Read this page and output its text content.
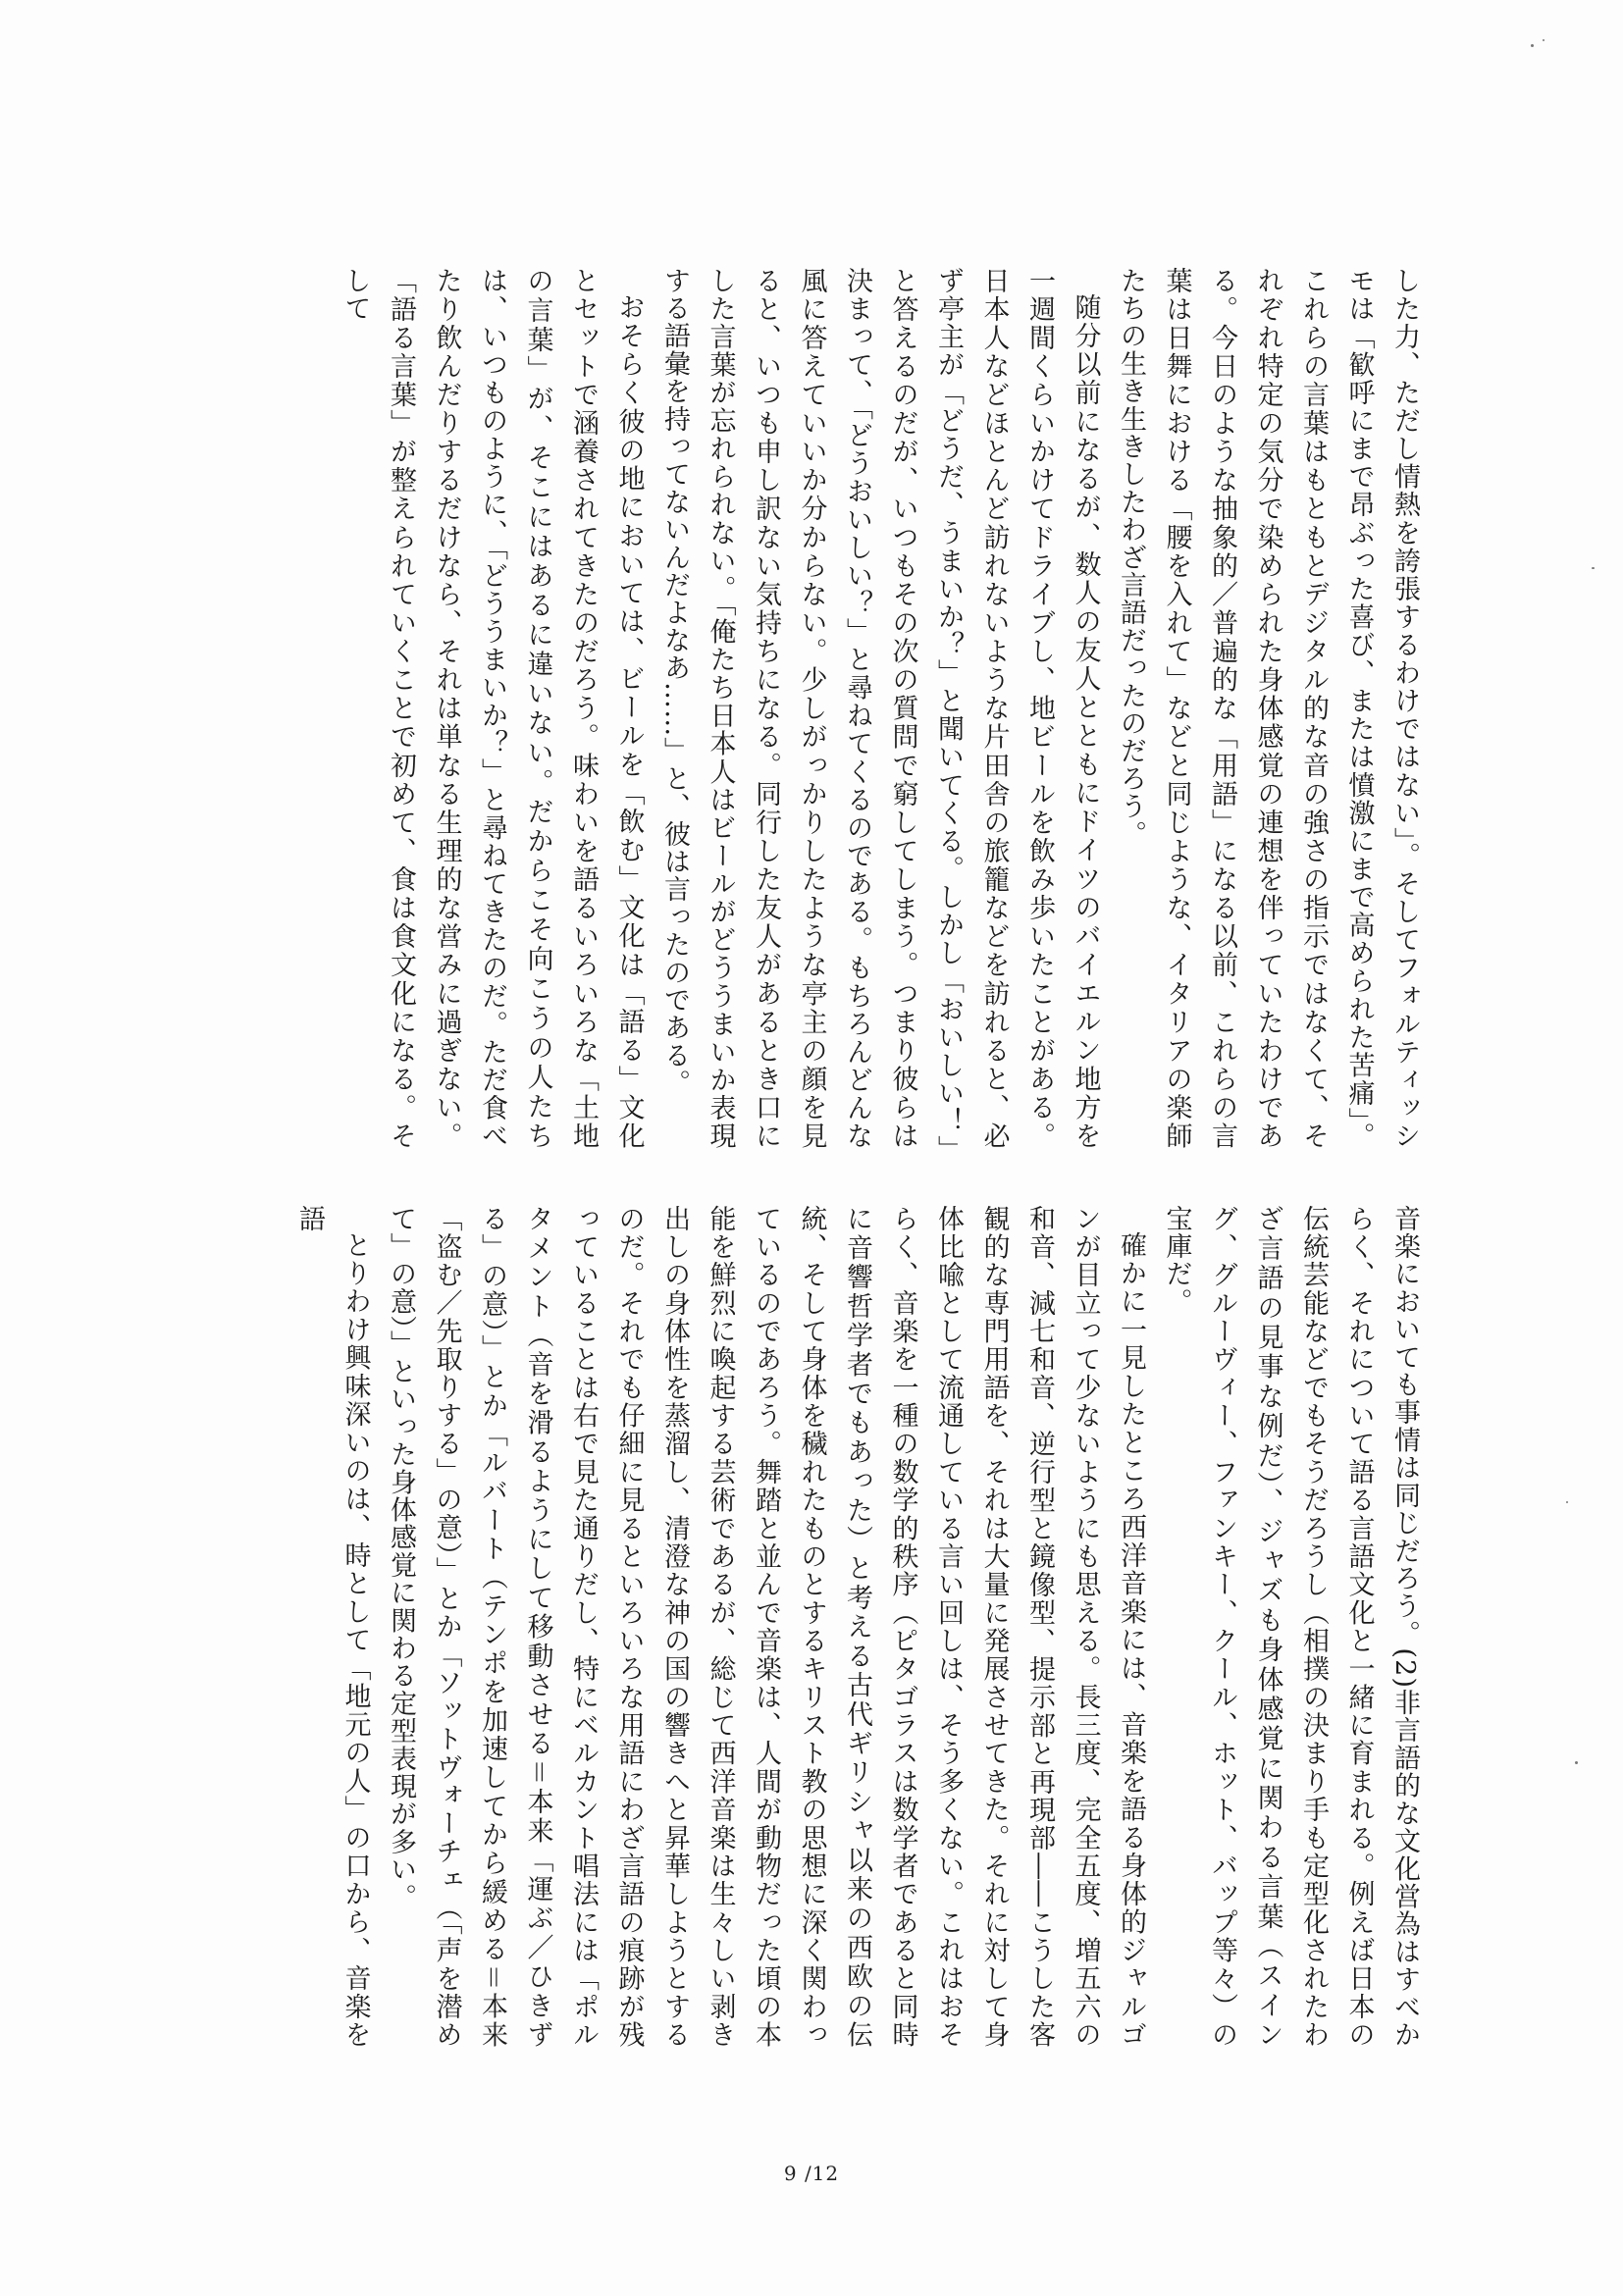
した力、ただし情熱を誇張するわけではない」。そしてフォルティッシモは「歓呼にまで昂ぶった喜び、または憤激にまで高められた苦痛」。これらの言葉はもともとデジタル的な音の強さの指示ではなくて、それぞれ特定の気分で染められた身体感覚の連想を伴っていたわけである。今日のような抽象的／普遍的な「用語」になる以前、これらの言葉は日舞における「腰を入れて」などと同じような、イタリアの楽師たちの生き生きしたわざ言語だったのだろう。

随分以前になるが、数人の友人とともにドイツのバイエルン地方を一週間くらいかけてドライブし、地ビールを飲み歩いたことがある。日本人などほとんど訪れないような片田舎の旅籠などを訪れると、必ず亭主が「どうだ、うまいか？」と聞いてくる。しかし「おいしい！」と答えるのだが、いつもその次の質問で窮してしまう。つまり彼らは決まって、「どうおいしい？」と尋ねてくるのである。もちろんどんな風に答えていいか分からない。少しがっかりしたような亭主の顔を見ると、いつも申し訳ない気持ちになる。同行した友人があるとき口にした言葉が忘れられない。「俺たち日本人はビールがどううまいか表現する語彙を持ってないんだよなあ……」と、彼は言ったのである。

おそらく彼の地においては、ビールを「飲む」文化は「語る」文化とセットで涵養されてきたのだろう。味わいを語るいろいろな「土地の言葉」が、そこにはあるに違いない。だからこそ向こうの人たちは、いつものように、「どううまいか？」と尋ねてきたのだ。ただ食べたり飲んだりするだけなら、それは単なる生理的な営みに過ぎない。「語る言葉」が整えられていくことで初めて、食は食文化になる。そして

音楽においても事情は同じだろう。(2)非言語的な文化営為はすべからく、それについて語る言語文化と一緒に育まれる。例えば日本の伝統芸能などでもそうだろうし（相撲の決まり手も定型化されたわざ言語の見事な例だ）、ジャズも身体感覚に関わる言葉（スイング、グルーヴィー、ファンキー、クール、ホット、バップ等々）の宝庫だ。

確かに一見したところ西洋音楽には、音楽を語る身体的ジャルゴンが目立って少ないようにも思える。長三度、完全五度、増五六の和音、減七和音、逆行型と鏡像型、提示部と再現部――こうした客観的な専門用語を、それは大量に発展させてきた。それに対して身体比喩として流通している言い回しは、そう多くない。これはおそらく、音楽を一種の数学的秩序（ピタゴラスは数学者であると同時に音響哲学者でもあった）と考える古代ギリシャ以来の西欧の伝統、そして身体を穢れたものとするキリスト教の思想に深く関わっているのであろう。舞踏と並んで音楽は、人間が動物だった頃の本能を鮮烈に喚起する芸術であるが、総じて西洋音楽は生々しい剥き出しの身体性を蒸溜し、清澄な神の国の響きへと昇華しようとするのだ。それでも仔細に見るといろいろな用語にわざ言語の痕跡が残っていることは右で見た通りだし、特にベルカント唱法には「ポルタメント（音を滑るようにして移動させる＝本来「運ぶ／ひきずる」の意）」とか「ルバート（テンポを加速してから緩める＝本来「盗む／先取りする」の意）」とか「ソットヴォーチェ（「声を潜めて」の意）」といった身体感覚に関わる定型表現が多い。

とりわけ興味深いのは、時として「地元の人」の口から、音楽を語

9 /12
